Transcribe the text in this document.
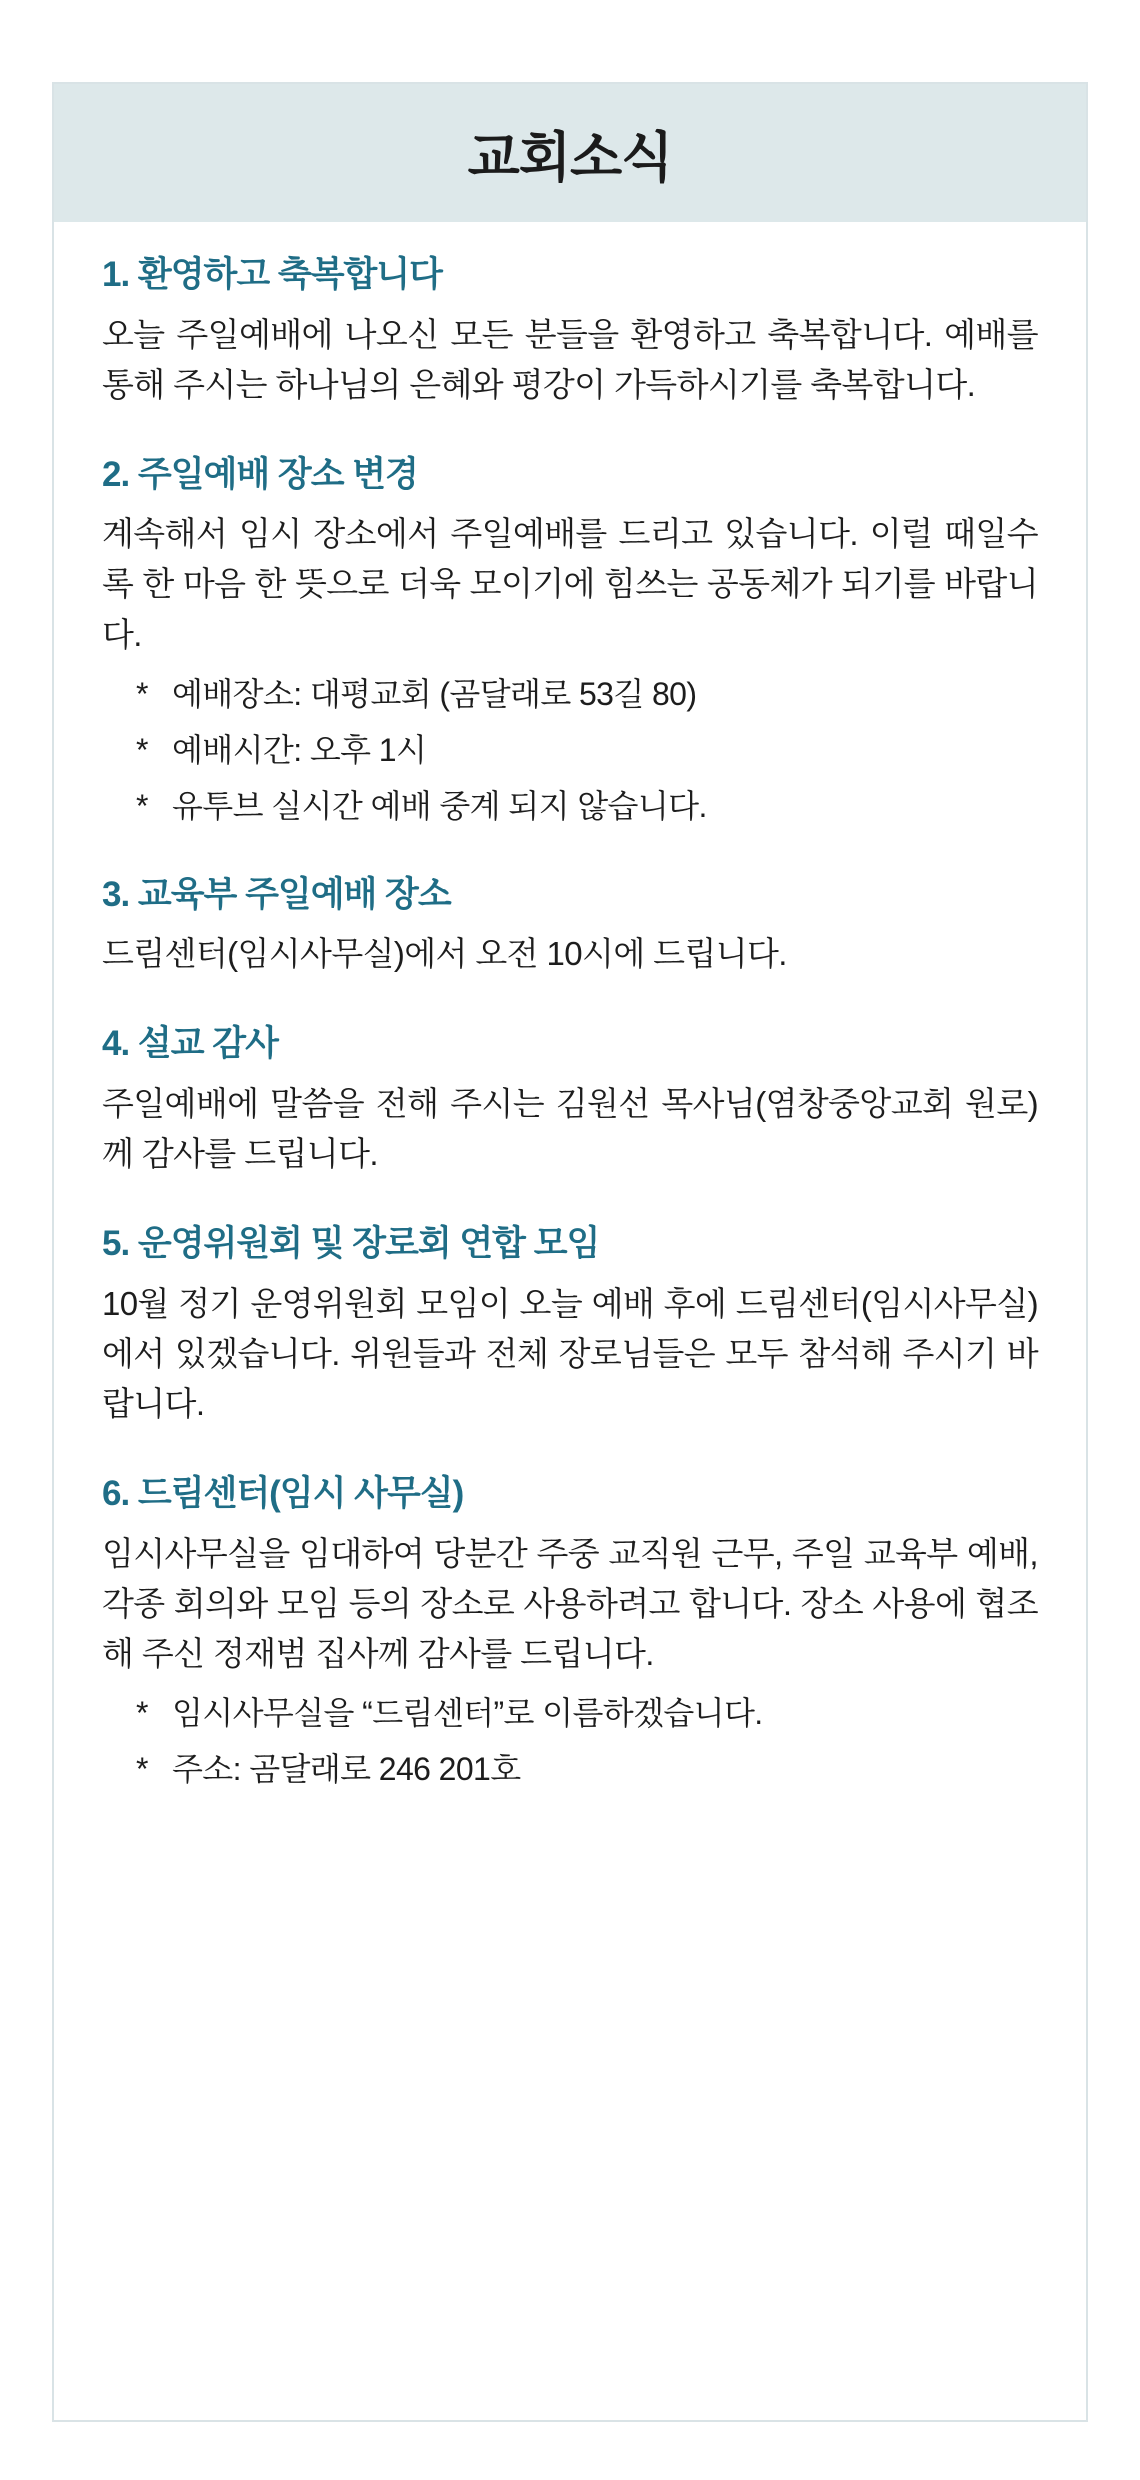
교회소식
1. 환영하고 축복합니다

오늘 주일예배에 나오신 모든 분들을 환영하고 축복합니다. 예배를 통해 주시는 하나님의 은혜와 평강이 가득하시기를 축복합니다.

2. 주일예배 장소 변경

계속해서 임시 장소에서 주일예배를 드리고 있습니다. 이럴 때일수록 한 마음 한 뜻으로 더욱 모이기에 힘쓰는 공동체가 되기를 바랍니다.

* 예배장소: 대평교회 (곰달래로 53길 80)
* 예배시간: 오후 1시
* 유투브 실시간 예배 중계 되지 않습니다.
3. 교육부 주일예배 장소

드림센터(임시사무실)에서 오전 10시에 드립니다.

4. 설교 감사

주일예배에 말씀을 전해 주시는 김원선 목사님(염창중앙교회 원로)께 감사를 드립니다.

5. 운영위원회 및 장로회 연합 모임

10월 정기 운영위원회 모임이 오늘 예배 후에 드림센터(임시사무실)에서 있겠습니다. 위원들과 전체 장로님들은 모두 참석해 주시기 바랍니다.

6. 드림센터(임시 사무실)

임시사무실을 임대하여 당분간 주중 교직원 근무, 주일 교육부 예배, 각종 회의와 모임 등의 장소로 사용하려고 합니다. 장소 사용에 협조해 주신 정재범 집사께 감사를 드립니다.

* 임시사무실을 “드림센터”로 이름하겠습니다.
* 주소: 곰달래로 246 201호
